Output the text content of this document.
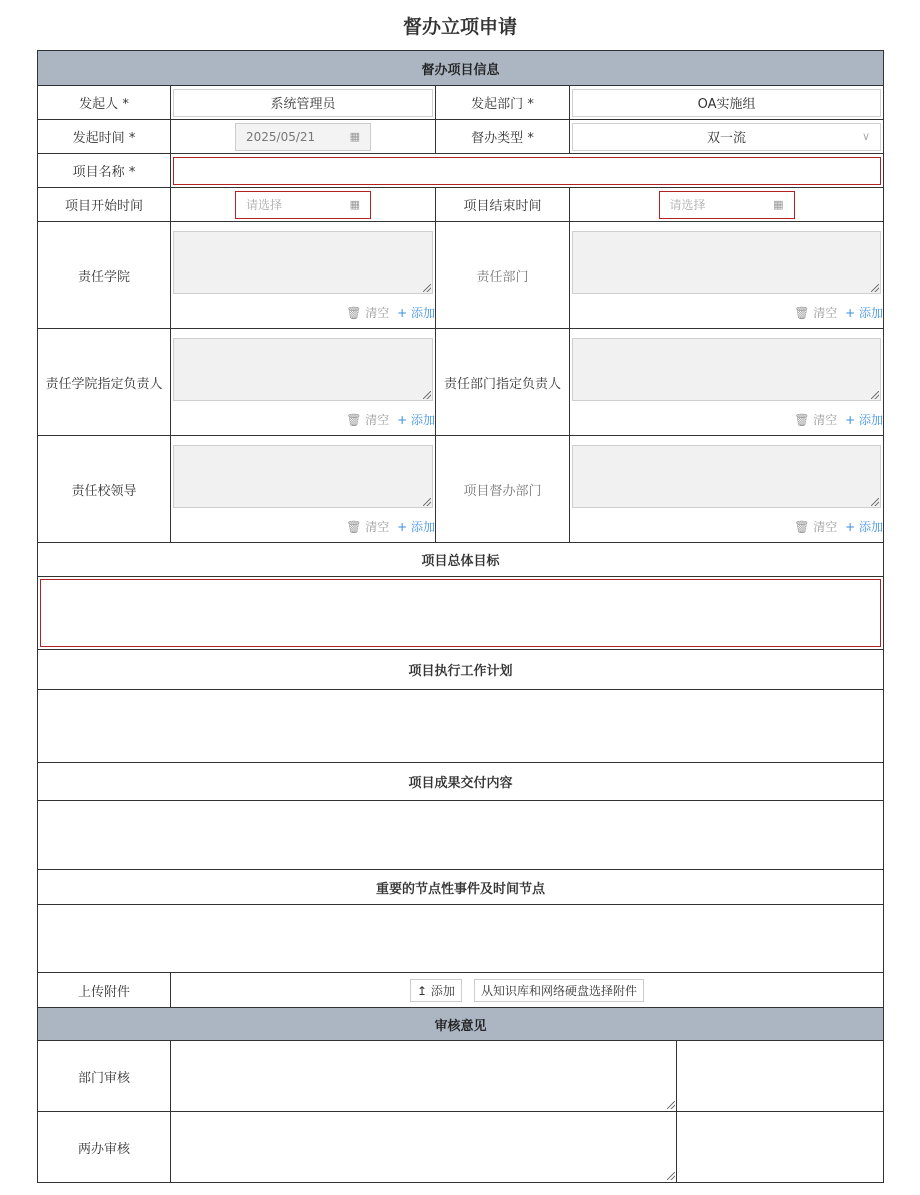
督办立项申请
督办项目信息				
发起人 *	系统管理员	发起部门 *	OA实施组	

发起时间 *	2025/05/21 ▦	督办类型 *	双一流 ∨	

项目名称 *	

项目开始时间	请选择 ▦	项目结束时间	请选择 ▦	

责任学院	🗑 清空 + 添加	责任部门	🗑 清空 + 添加	

责任学院指定负责人	🗑 清空 + 添加	责任部门指定负责人	🗑 清空 + 添加	

责任校领导	🗑 清空 + 添加	项目督办部门	🗑 清空 + 添加	

项目总体目标				

项目执行工作计划				

项目成果交付内容				

重要的节点性事件及时间节点				

上传附件	↥ 添加 从知识库和网络硬盘选择附件			
审核意见				
部门审核			

两办审核			
